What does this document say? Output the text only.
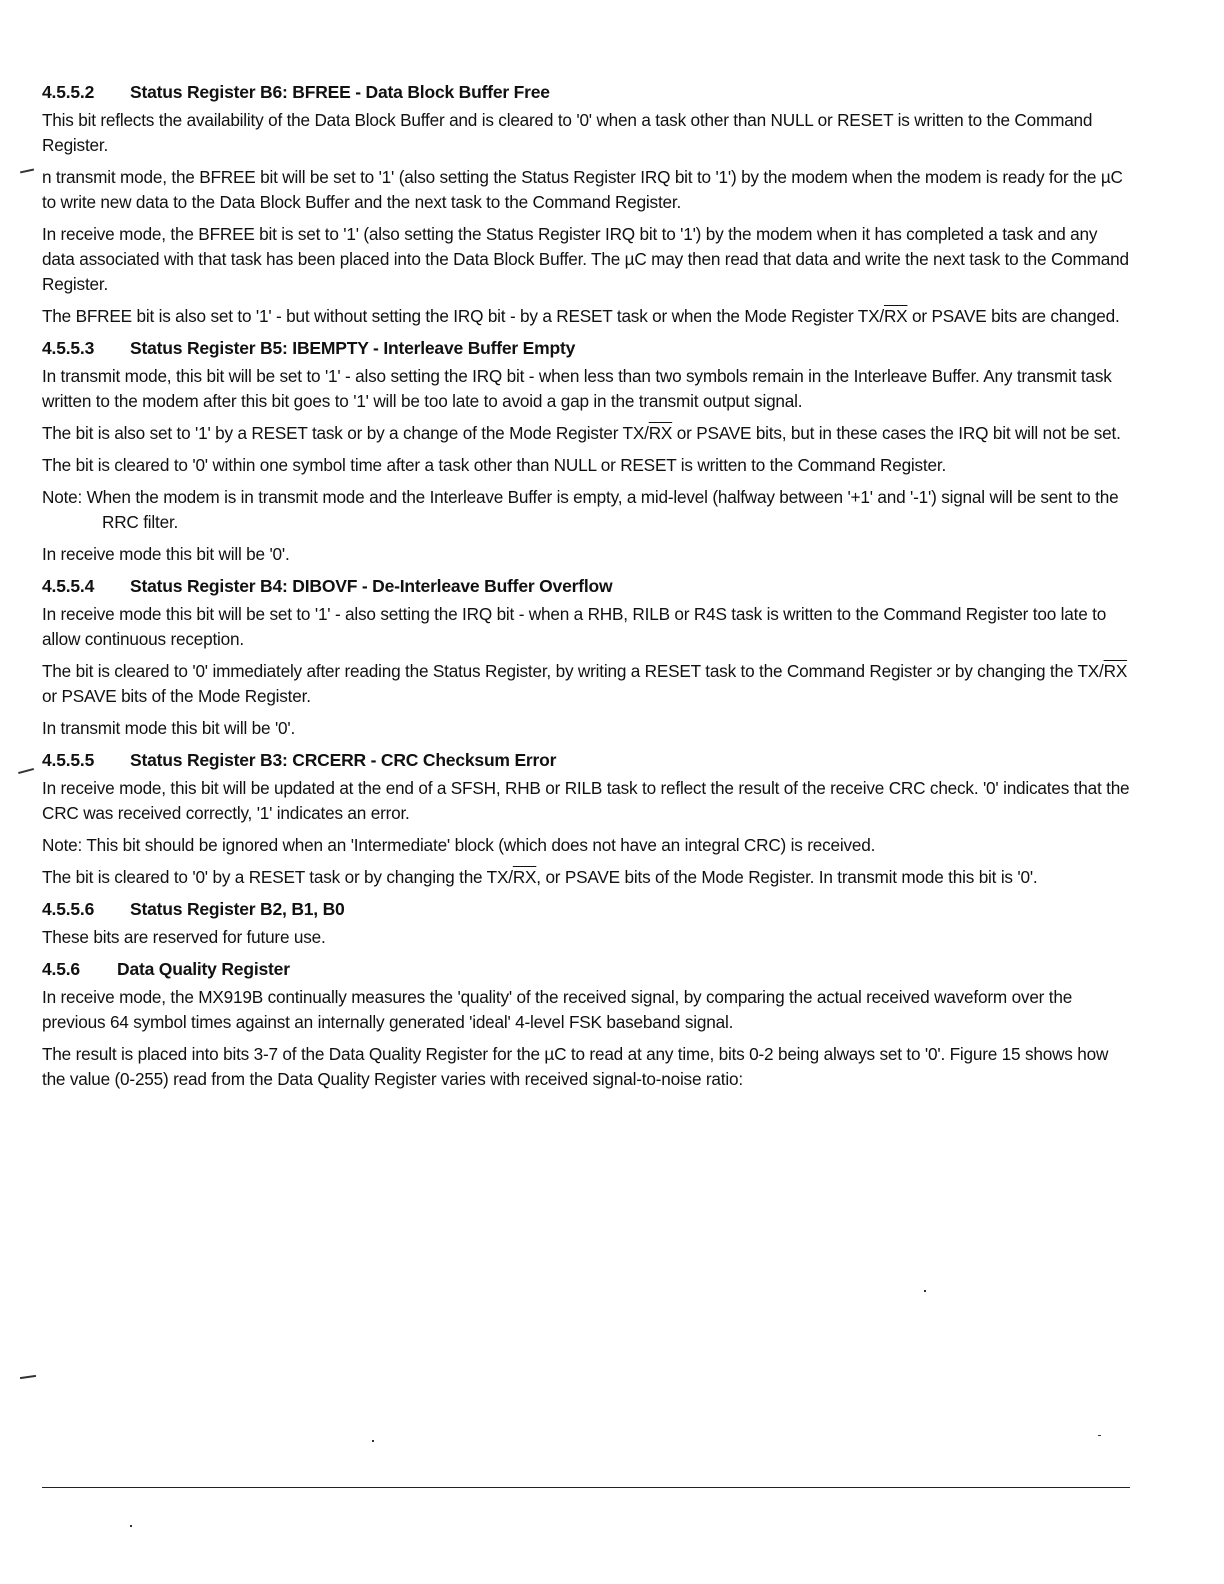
4.5.5.2 Status Register B6: BFREE - Data Block Buffer Free

This bit reflects the availability of the Data Block Buffer and is cleared to '0' when a task other than NULL or RESET is written to the Command Register.

n transmit mode, the BFREE bit will be set to '1' (also setting the Status Register IRQ bit to '1') by the modem when the modem is ready for the µC to write new data to the Data Block Buffer and the next task to the Command Register.

In receive mode, the BFREE bit is set to '1' (also setting the Status Register IRQ bit to '1') by the modem when it has completed a task and any data associated with that task has been placed into the Data Block Buffer. The µC may then read that data and write the next task to the Command Register.

The BFREE bit is also set to '1' - but without setting the IRQ bit - by a RESET task or when the Mode Register $TX/\overline{RX}$ or PSAVE bits are changed.

4.5.5.3 Status Register B5: IBEMPTY - Interleave Buffer Empty

In transmit mode, this bit will be set to '1' - also setting the IRQ bit - when less than two symbols remain in the Interleave Buffer. Any transmit task written to the modem after this bit goes to '1' will be too late to avoid a gap in the transmit output signal.

The bit is also set to '1' by a RESET task or by a change of the Mode Register $TX/\overline{RX}$ or PSAVE bits, but in these cases the IRQ bit will not be set.

The bit is cleared to '0' within one symbol time after a task other than NULL or RESET is written to the Command Register.

Note: When the modem is in transmit mode and the Interleave Buffer is empty, a mid-level (halfway between '+1' and '-1') signal will be sent to the RRC filter.

In receive mode this bit will be '0'.

4.5.5.4 Status Register B4: DIBOVF - De-Interleave Buffer Overflow

In receive mode this bit will be set to '1' - also setting the IRQ bit - when a RHB, RILB or R4S task is written to the Command Register too late to allow continuous reception.

The bit is cleared to '0' immediately after reading the Status Register, by writing a RESET task to the Command Register ɔr by changing the $TX/\overline{RX}$ or PSAVE bits of the Mode Register.

In transmit mode this bit will be '0'.

4.5.5.5 Status Register B3: CRCERR - CRC Checksum Error

In receive mode, this bit will be updated at the end of a SFSH, RHB or RILB task to reflect the result of the receive CRC check. '0' indicates that the CRC was received correctly, '1' indicates an error.

Note: This bit should be ignored when an 'Intermediate' block (which does not have an integral CRC) is received.

The bit is cleared to '0' by a RESET task or by changing the $TX/\overline{RX}$, or PSAVE bits of the Mode Register. In transmit mode this bit is '0'.

4.5.5.6 Status Register B2, B1, B0

These bits are reserved for future use.

4.5.6 Data Quality Register

In receive mode, the MX919B continually measures the 'quality' of the received signal, by comparing the actual received waveform over the previous 64 symbol times against an internally generated 'ideal' 4-level FSK baseband signal.

The result is placed into bits 3-7 of the Data Quality Register for the µC to read at any time, bits 0-2 being always set to '0'. Figure 15 shows how the value (0-255) read from the Data Quality Register varies with received signal-to-noise ratio:
